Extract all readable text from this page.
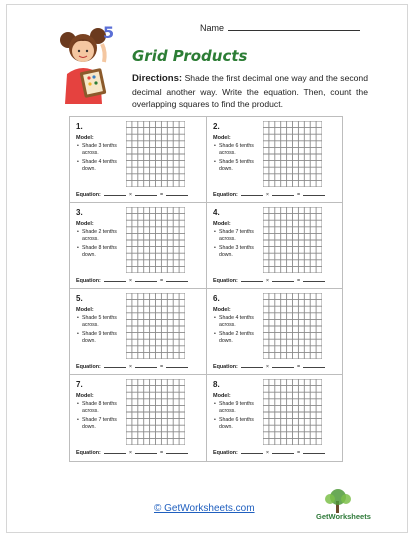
Name
5
Grid Products
Directions: Shade the first decimal one way and the second decimal another way. Write the equation. Then, count the overlapping squares to find the product.
1.
Model:
• Shade 3 tenths across.
• Shade 4 tenths down.
Equation:	×	=
2.
Model:
• Shade 6 tenths across.
• Shade 5 tenths down.
Equation:	×	=
3.
Model:
• Shade 2 tenths across.
• Shade 8 tenths down.
Equation:	×	=
4.
Model:
• Shade 7 tenths across.
• Shade 3 tenths down.
Equation:	×	=
5.
Model:
• Shade 5 tenths across.
• Shade 9 tenths down.
Equation:	×	=
6.
Model:
• Shade 4 tenths across.
• Shade 2 tenths down.
Equation:	×	=
7.
Model:
• Shade 8 tenths across.
• Shade 7 tenths down.
Equation:	×	=
8.
Model:
• Shade 9 tenths across.
• Shade 6 tenths down.
Equation:	×	=
© GetWorksheets.com
GetWorksheets
